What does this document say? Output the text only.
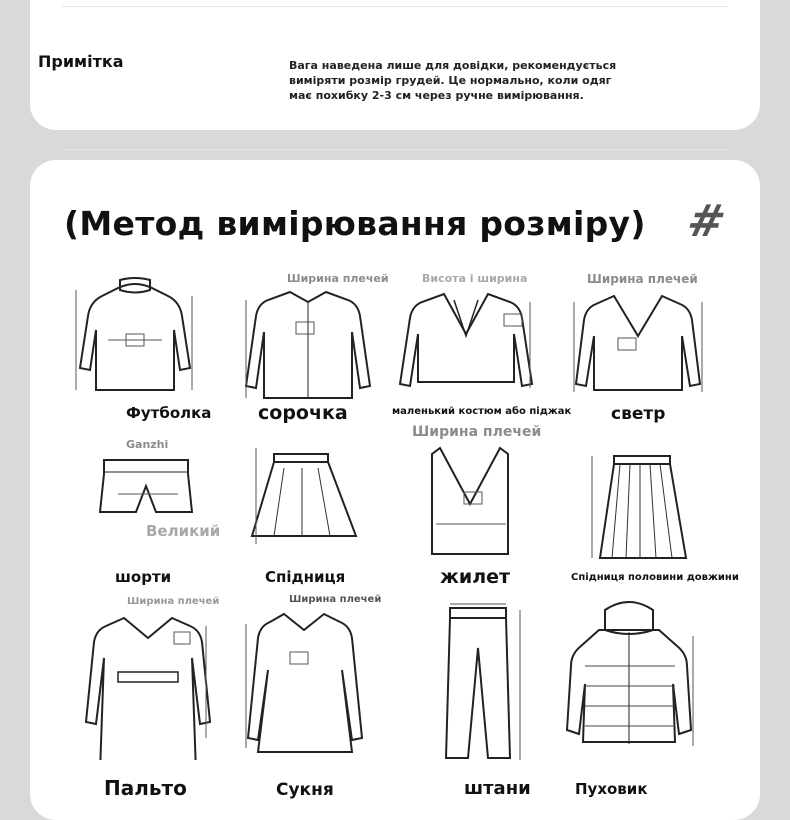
Примітка	Вага наведена лише для довідки, рекомендується виміряти розмір грудей. Це нормально, коли одяг має похибку 2-3 см через ручне вимірювання.
(Метод вимірювання розміру) #
Футболка
Ширина плечей
сорочка
Висота і ширина
маленький костюм або піджак
Ширина плечей
светр
Ganzhi
Великий
шорти	Спідниця
Ширина плечей
жилет	Спідниця половини довжини
Ширина плечей
Пальто
Ширина плечей
Сукня	штани	Пуховик
